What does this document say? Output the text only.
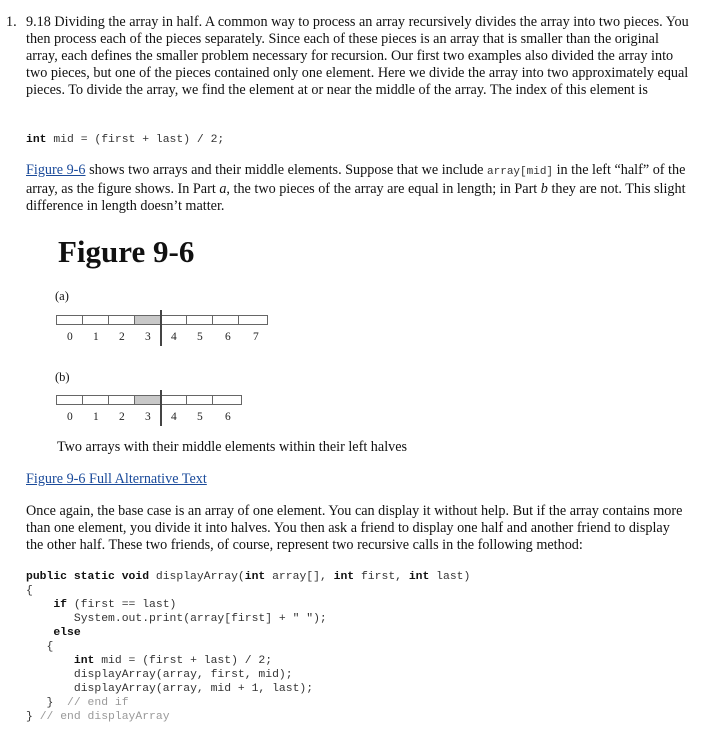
1. 9.18 Dividing the array in half. A common way to process an array recursively divides the array into two pieces. You then process each of the pieces separately. Since each of these pieces is an array that is smaller than the original array, each defines the smaller problem necessary for recursion. Our first two examples also divided the array into two pieces, but one of the pieces contained only one element. Here we divide the array into two approximately equal pieces. To divide the array, we find the element at or near the middle of the array. The index of this element is
int mid = (first + last) / 2;
Figure 9-6 shows two arrays and their middle elements. Suppose that we include array[mid] in the left “half” of the array, as the figure shows. In Part a, the two pieces of the array are equal in length; in Part b they are not. This slight difference in length doesn’t matter.
Figure 9-6
(a)
0 1 2 3 4 5 6 7
(b)
0 1 2 3 4 5 6
Two arrays with their middle elements within their left halves
Figure 9-6 Full Alternative Text
Once again, the base case is an array of one element. You can display it without help. But if the array contains more than one element, you divide it into halves. You then ask a friend to display one half and another friend to display the other half. These two friends, of course, represent two recursive calls in the following method:
public static void displayArray(int array[], int first, int last)
{
if (first == last)
System.out.print(array[first] + " ");
else
{
int mid = (first + last) / 2;
displayArray(array, first, mid);
displayArray(array, mid + 1, last);
} // end if
} // end displayArray
